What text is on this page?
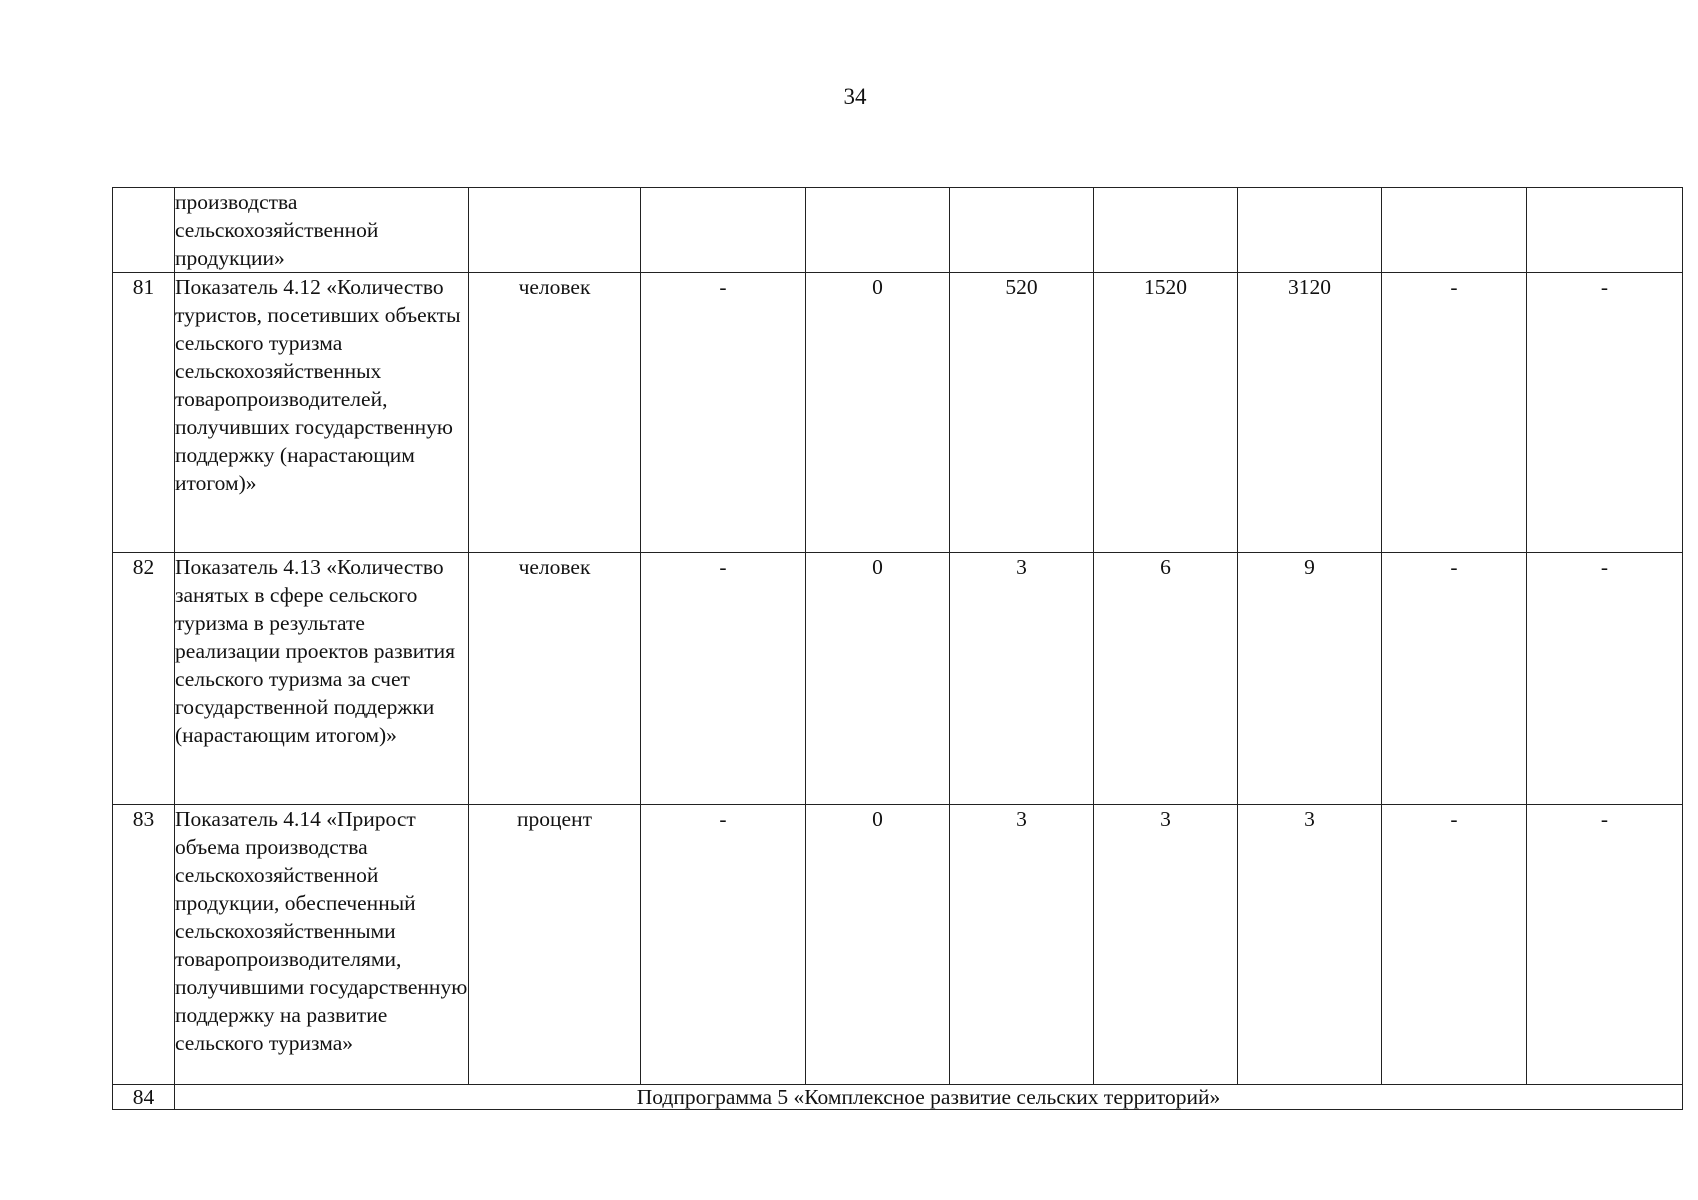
34
	производства сельскохозяйственной продукции»								
81	Показатель 4.12 «Количество туристов, посетивших объекты сельского туризма сельскохозяйственных товаропроизводителей, получивших государственную поддержку (нарастающим итогом)»	человек	-	0	520	1520	3120	-	-
82	Показатель 4.13 «Количество занятых в сфере сельского туризма в результате реализации проектов развития сельского туризма за счет государственной поддержки (нарастающим итогом)»	человек	-	0	3	6	9	-	-
83	Показатель 4.14 «Прирост объема производства сельскохозяйственной продукции, обеспеченный сельскохозяйственными товаропроизводителями, получившими государственную поддержку на развитие сельского туризма»	процент	-	0	3	3	3	-	-
84	Подпрограмма 5 «Комплексное развитие сельских территорий»								
